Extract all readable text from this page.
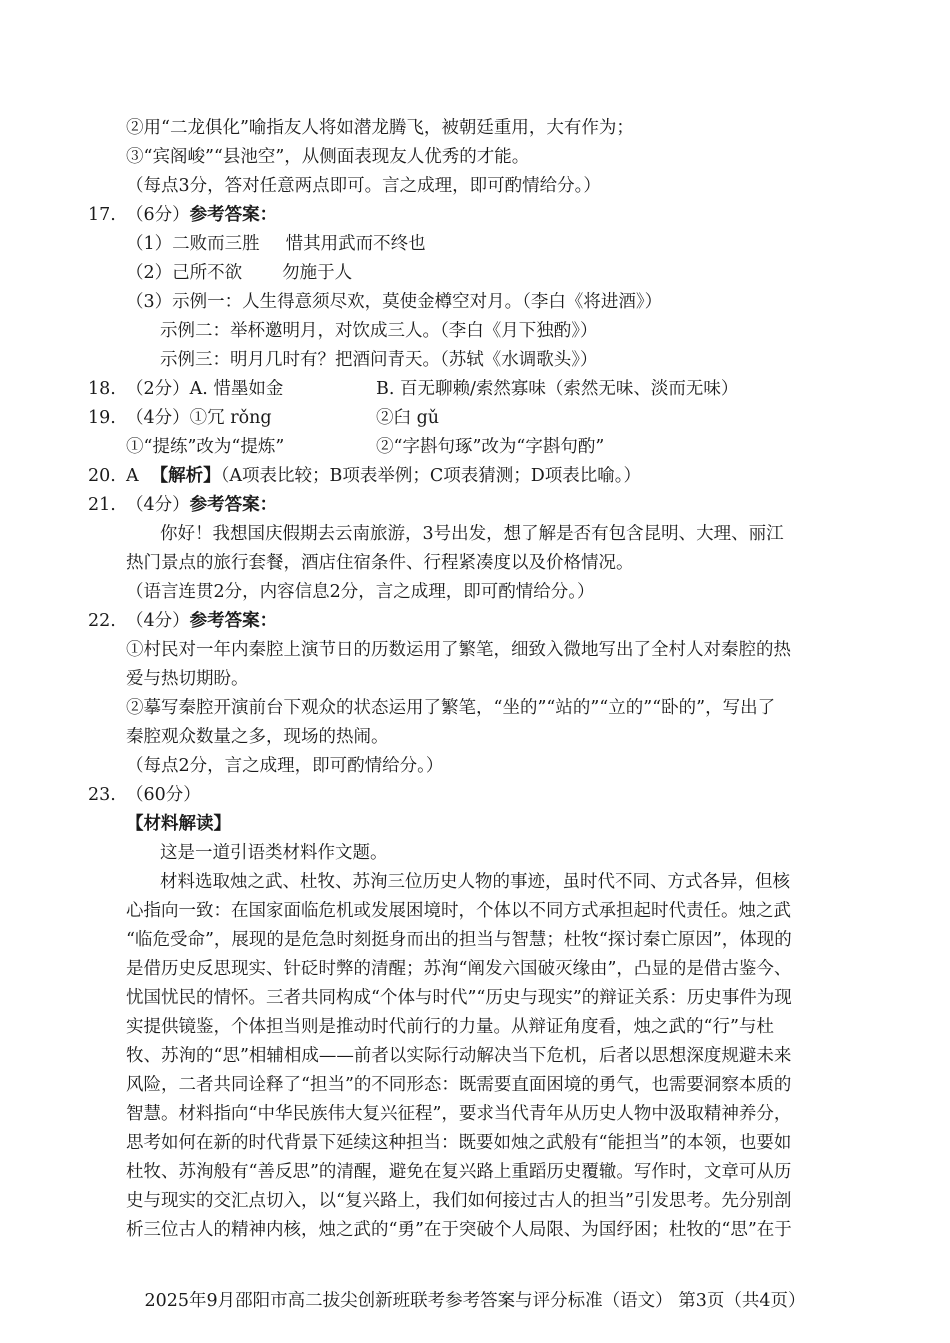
②用“二龙俱化”喻指友人将如潜龙腾飞，被朝廷重用，大有作为；
③“宾阁峻”“县池空”，从侧面表现友人优秀的才能。
（每点3分，答对任意两点即可。言之成理，即可酌情给分。）
17. （6分）参考答案：
（1）二败而三胜 惜其用武而不终也
（2）己所不欲 勿施于人
（3）示例一：人生得意须尽欢，莫使金樽空对月。（李白《将进酒》）
示例二：举杯邀明月，对饮成三人。（李白《月下独酌》）
示例三：明月几时有？把酒问青天。（苏轼《水调歌头》）
18. （2分）A. 惜墨如金	B. 百无聊赖/索然寡味（索然无味、淡而无味）
19. （4分）①冗 rǒng	②臼 gǔ
①“提练”改为“提炼”	②“字斟句琢”改为“字斟句酌”
20. A 【解析】（A项表比较；B项表举例；C项表猜测；D项表比喻。）
21. （4分）参考答案：
你好！我想国庆假期去云南旅游，3号出发，想了解是否有包含昆明、大理、丽江
热门景点的旅行套餐，酒店住宿条件、行程紧凑度以及价格情况。
（语言连贯2分，内容信息2分，言之成理，即可酌情给分。）
22. （4分）参考答案：
①村民对一年内秦腔上演节日的历数运用了繁笔，细致入微地写出了全村人对秦腔的热
爱与热切期盼。
②摹写秦腔开演前台下观众的状态运用了繁笔，“坐的”“站的”“立的”“卧的”，写出了
秦腔观众数量之多，现场的热闹。
（每点2分，言之成理，即可酌情给分。）
23. （60分）
【材料解读】
这是一道引语类材料作文题。
材料选取烛之武、杜牧、苏洵三位历史人物的事迹，虽时代不同、方式各异，但核
心指向一致：在国家面临危机或发展困境时，个体以不同方式承担起时代责任。烛之武
“临危受命”，展现的是危急时刻挺身而出的担当与智慧；杜牧“探讨秦亡原因”，体现的
是借历史反思现实、针砭时弊的清醒；苏洵“阐发六国破灭缘由”，凸显的是借古鉴今、
忧国忧民的情怀。三者共同构成“个体与时代”“历史与现实”的辩证关系：历史事件为现
实提供镜鉴，个体担当则是推动时代前行的力量。从辩证角度看，烛之武的“行”与杜
牧、苏洵的“思”相辅相成——前者以实际行动解决当下危机，后者以思想深度规避未来
风险，二者共同诠释了“担当”的不同形态：既需要直面困境的勇气，也需要洞察本质的
智慧。材料指向“中华民族伟大复兴征程”，要求当代青年从历史人物中汲取精神养分，
思考如何在新的时代背景下延续这种担当：既要如烛之武般有“能担当”的本领，也要如
杜牧、苏洵般有“善反思”的清醒，避免在复兴路上重蹈历史覆辙。写作时，文章可从历
史与现实的交汇点切入，以“复兴路上，我们如何接过古人的担当”引发思考。先分别剖
析三位古人的精神内核，烛之武的“勇”在于突破个人局限、为国纾困；杜牧的“思”在于
2025年9月邵阳市高二拔尖创新班联考参考答案与评分标准（语文） 第3页（共4页）
